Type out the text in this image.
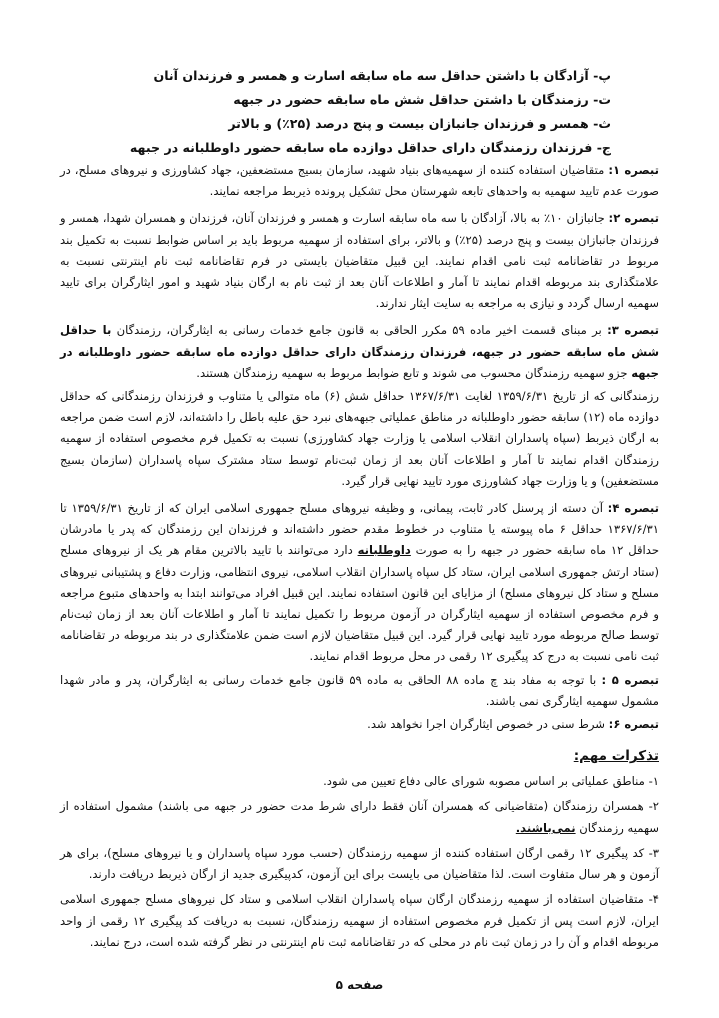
پ- آزادگان با داشتن حداقل سه ماه سابقه اسارت و همسر و فرزندان آنان
ت- رزمندگان با داشتن حداقل شش ماه سابقه حضور در جبهه
ث- همسر و فرزندان جانبازان بیست و پنج درصد (۲۵٪) و بالاتر
ج- فرزندان رزمندگان دارای حداقل دوازده ماه سابقه حضور داوطلبانه در جبهه

تبصره ۱: متقاضیان استفاده کننده از سهمیه‌های بنیاد شهید، سازمان بسیج مستضعفین، جهاد کشاورزی و نیروهای مسلح، در صورت عدم تایید سهمیه به واحدهای تابعه شهرستان محل تشکیل پرونده ذیربط مراجعه نمایند.

تبصره ۲: جانبازان ۱۰٪ به بالا، آزادگان با سه ماه سابقه اسارت و همسر و فرزندان آنان، فرزندان و همسران شهدا، همسر و فرزندان جانبازان بیست و پنج درصد (۲۵٪) و بالاتر، برای استفاده از سهمیه مربوط باید بر اساس ضوابط نسبت به تکمیل بند مربوط در تقاضانامه ثبت نامی اقدام نمایند. این قبیل متقاضیان بایستی در فرم تقاضانامه ثبت نام اینترنتی نسبت به علامتگذاری بند مربوطه اقدام نمایند تا آمار و اطلاعات آنان بعد از ثبت نام به ارگان بنیاد شهید و امور ایثارگران برای تایید سهمیه ارسال گردد و نیازی به مراجعه به سایت ایثار ندارند.

تبصره ۳: بر مبنای قسمت اخیر ماده ۵۹ مکرر الحاقی به قانون جامع خدمات رسانی به ایثارگران، رزمندگان با حداقل شش ماه سابقه حضور در جبهه، فرزندان رزمندگان دارای حداقل دوازده ماه سابقه حضور داوطلبانه در جبهه جزو سهمیه رزمندگان محسوب می شوند و تابع ضوابط مربوط به سهمیه رزمندگان هستند.

رزمندگانی که از تاریخ ۱۳۵۹/۶/۳۱ لغایت ۱۳۶۷/۶/۳۱ حداقل شش (۶) ماه متوالی یا متناوب و فرزندان رزمندگانی که حداقل دوازده ماه (۱۲) سابقه حضور داوطلبانه در مناطق عملیاتی جبهه‌های نبرد حق علیه باطل را داشته‌اند، لازم است ضمن مراجعه به ارگان ذیربط (سپاه پاسداران انقلاب اسلامی یا وزارت جهاد کشاورزی) نسبت به تکمیل فرم مخصوص استفاده از سهمیه رزمندگان اقدام نمایند تا آمار و اطلاعات آنان بعد از زمان ثبت‌نام توسط ستاد مشترک سپاه پاسداران (سازمان بسیج مستضعفین) و یا وزارت جهاد کشاورزی مورد تایید نهایی قرار گیرد.

تبصره ۴: آن دسته از پرسنل کادر ثابت، پیمانی، و وظیفه نیروهای مسلح جمهوری اسلامی ایران که از تاریخ ۱۳۵۹/۶/۳۱ تا ۱۳۶۷/۶/۳۱ حداقل ۶ ماه پیوسته یا متناوب در خطوط مقدم حضور داشته‌اند و فرزندان این رزمندگان که پدر یا مادرشان حداقل ۱۲ ماه سابقه حضور در جبهه را به صورت داوطلبانه دارد می‌توانند با تایید بالاترین مقام هر یک از نیروهای مسلح (ستاد ارتش جمهوری اسلامی ایران، ستاد کل سپاه پاسداران انقلاب اسلامی، نیروی انتظامی، وزارت دفاع و پشتیبانی نیروهای مسلح و ستاد کل نیروهای مسلح) از مزایای این قانون استفاده نمایند. این قبیل افراد می‌توانند ابتدا به واحدهای متبوع مراجعه و فرم مخصوص استفاده از سهمیه ایثارگران در آزمون مربوط را تکمیل نمایند تا آمار و اطلاعات آنان بعد از زمان ثبت‌نام توسط صالح مربوطه مورد تایید نهایی قرار گیرد. این قبیل متقاضیان لازم است ضمن علامتگذاری در بند مربوطه در تقاضانامه ثبت نامی نسبت به درج کد پیگیری ۱۲ رقمی در محل مربوط اقدام نمایند.

تبصره ۵ : با توجه به مفاد بند چ ماده ۸۸ الحاقی به ماده ۵۹ قانون جامع خدمات رسانی به ایثارگران، پدر و مادر شهدا مشمول سهمیه ایثارگری نمی باشند.

تبصره ۶: شرط سنی در خصوص ایثارگران اجرا نخواهد شد.

تذکرات مهم:

۱- مناطق عملیاتی بر اساس مصوبه شورای عالی دفاع تعیین می شود.

۲- همسران رزمندگان (متقاضیانی که همسران آنان فقط دارای شرط مدت حضور در جبهه می باشند) مشمول استفاده از سهمیه رزمندگان نمی‌باشند.

۳- کد پیگیری ۱۲ رقمی ارگان استفاده کننده از سهمیه رزمندگان (حسب مورد سپاه پاسداران و یا نیروهای مسلح)، برای هر آزمون و هر سال متفاوت است. لذا متقاضیان می بایست برای این آزمون، کدپیگیری جدید از ارگان ذیربط دریافت دارند.

۴- متقاضیان استفاده از سهمیه رزمندگان ارگان سپاه پاسداران انقلاب اسلامی و ستاد کل نیروهای مسلح جمهوری اسلامی ایران، لازم است پس از تکمیل فرم مخصوص استفاده از سهمیه رزمندگان، نسبت به دریافت کد پیگیری ۱۲ رقمی از واحد مربوطه اقدام و آن را در زمان ثبت نام در محلی که در تقاضانامه ثبت نام اینترنتی در نظر گرفته شده است، درج نمایند.

صفحه ۵
